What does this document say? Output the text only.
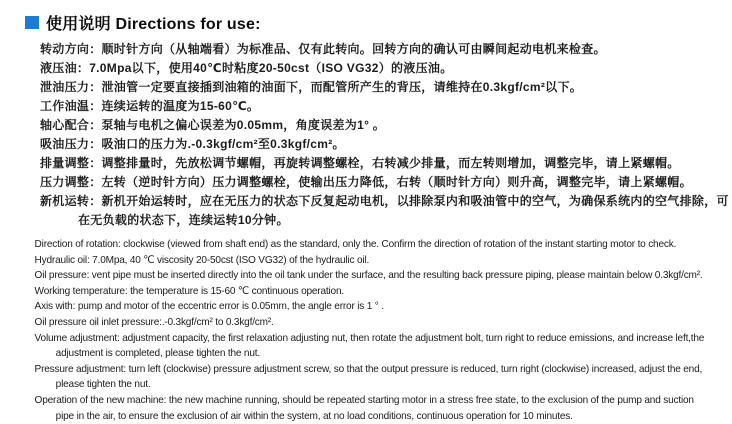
使用说明 Directions for use:
转动方向：顺时针方向（从轴端看）为标准品、仅有此转向。回转方向的确认可由瞬间起动电机来检查。
液压油：7.0Mpa以下，使用40℃时粘度20-50cst（ISO VG32）的液压油。
泄油压力：泄油管一定要直接插到油箱的油面下，而配管所产生的背压，请维持在0.3kgf/cm²以下。
工作油温：连续运转的温度为15-60℃。
轴心配合：泵轴与电机之偏心误差为0.05mm，角度误差为1° 。
吸油压力：吸油口的压力为.-0.3kgf/cm²至0.3kgf/cm²。
排量调整：调整排量时，先放松调节螺帽，再旋转调整螺栓，右转减少排量，而左转则增加，调整完毕，请上紧螺帽。
压力调整：左转（逆时针方向）压力调整螺栓，使输出压力降低，右转（顺时针方向）则升高，调整完毕，请上紧螺帽。
新机运转：新机开始运转时，应在无压力的状态下反复起动电机，以排除泵内和吸油管中的空气，为确保系统内的空气排除，可
在无负载的状态下，连续运转10分钟。
Direction of rotation: clockwise (viewed from shaft end) as the standard, only the. Confirm the direction of rotation of the instant starting motor to check.
Hydraulic oil: 7.0Mpa, 40 ℃ viscosity 20-50cst (ISO VG32) of the hydraulic oil.
Oil pressure: vent pipe must be inserted directly into the oil tank under the surface, and the resulting back pressure piping, please maintain below 0.3kgf/cm².
Working temperature: the temperature is 15-60 ℃ continuous operation.
Axis with: pump and motor of the eccentric error is 0.05mm, the angle error is 1 ° .
Oil pressure oil inlet pressure:.-0.3kgf/cm² to 0.3kgf/cm².
Volume adjustment: adjustment capacity, the first relaxation adjusting nut, then rotate the adjustment bolt, turn right to reduce emissions, and increase left,the
adjustment is completed, please tighten the nut.
Pressure adjustment: turn left (clockwise) pressure adjustment screw, so that the output pressure is reduced, turn right (clockwise) increased, adjust the end,
please tighten the nut.
Operation of the new machine: the new machine running, should be repeated starting motor in a stress free state, to the exclusion of the pump and suction
pipe in the air, to ensure the exclusion of air within the system, at no load conditions, continuous operation for 10 minutes.
